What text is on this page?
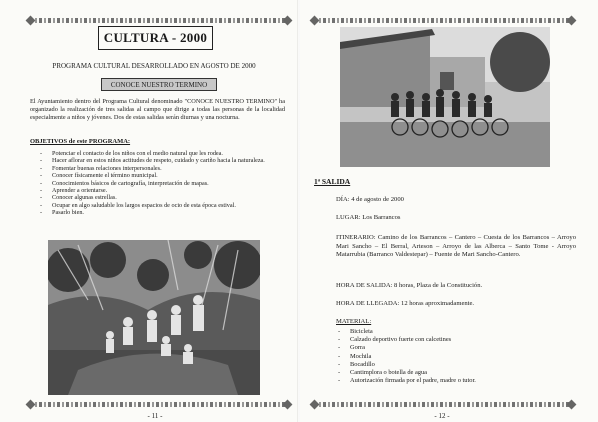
CULTURA - 2000
PROGRAMA CULTURAL DESARROLLADO EN AGOSTO DE 2000
CONOCE NUESTRO TERMINO
El Ayuntamiento dentro del Programa Cultural denominado "CONOCE NUESTRO TERMINO" ha organizado la realización de tres salidas al campo que dirige a todas las personas de la localidad especialmente a niños y jóvenes. Dos de estas salidas serán diurnas y una nocturna.
OBJETIVOS de este PROGRAMA:
- Potenciar el contacto de los niños con el medio natural que les rodea.
- Hacer aflorar en estos niños actitudes de respeto, cuidado y cariño hacia la naturaleza.
- Fomentar buenas relaciones interpersonales.
- Conocer físicamente el término municipal.
- Conocimientos básicos de cartografía, interpretación de mapas.
- Aprender a orientarse.
- Conocer algunas estrellas.
- Ocupar en algo saludable los largos espacios de ocio de esta época estival.
- Pasarlo bien.
- 11 -
1ª SALIDA
DÍA: 4 de agosto de 2000
LUGAR: Los Barrancos
ITINERARIO: Camino de los Barrancos – Cantero – Cuesta de los Barrancos – Arroyo Mari Sancho – El Berral, Arteson – Arroyo de las Alberca – Santo Tome - Arroyo Matarrubia (Barranco Valdestepar) – Fuente de Mari Sancho-Cantero.
HORA DE SALIDA: 8 horas, Plaza de la Constitución.
HORA DE LLEGADA: 12 horas aproximadamente.
MATERIAL:
- Bicicleta
- Calzado deportivo fuerte con calcetines
- Gorra
- Mochila
- Bocadillo
- Cantimplora o botella de agua
- Autorización firmada por el padre, madre o tutor.
- 12 -
